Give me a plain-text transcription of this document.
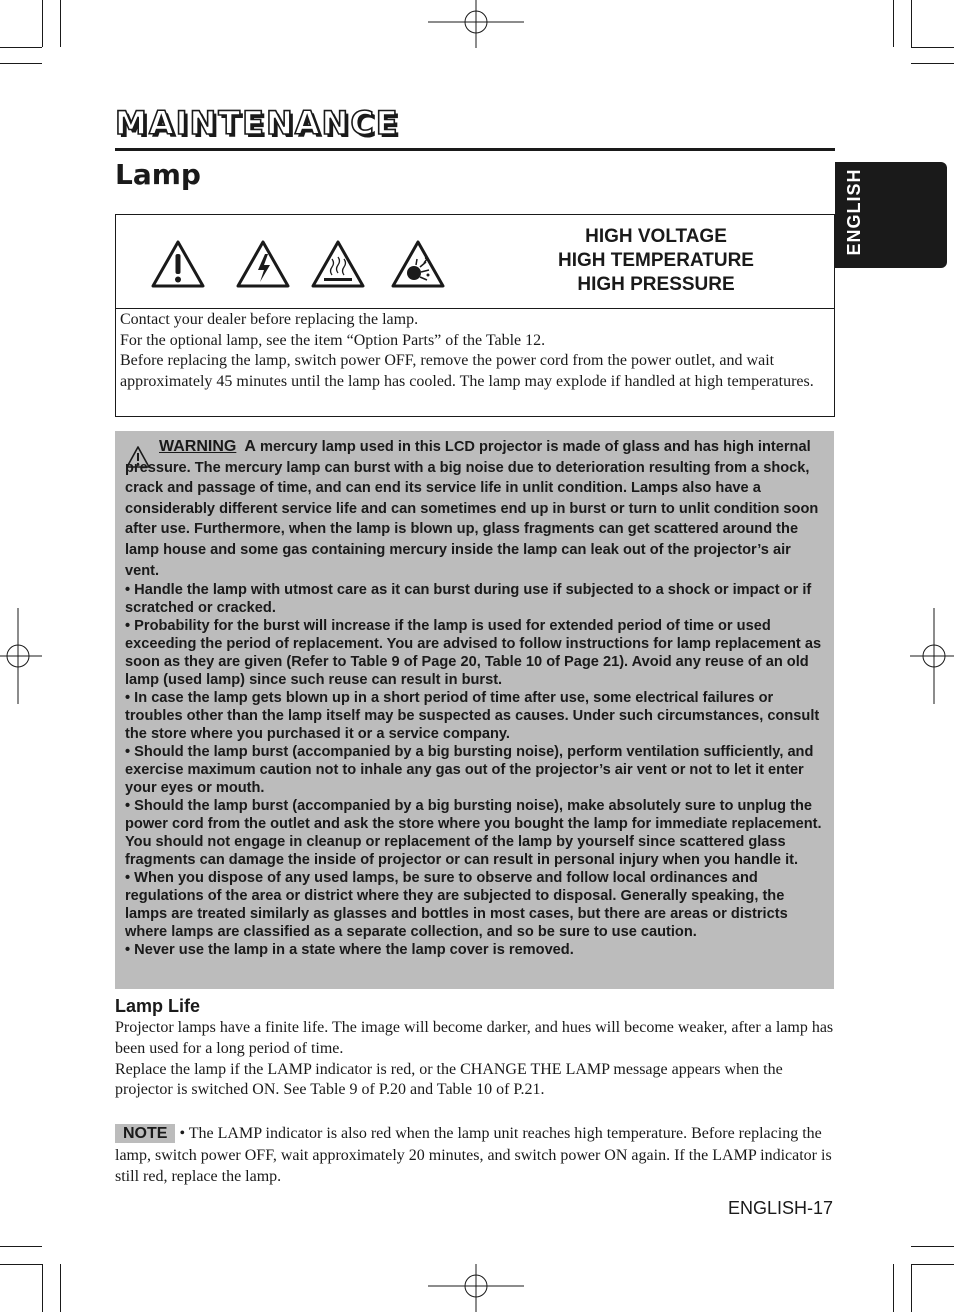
MAINTENANCE
Lamp	ENGLISH
HIGH VOLTAGE
HIGH TEMPERATURE
HIGH PRESSURE

Contact your dealer before replacing the lamp.

For the optional lamp, see the item “Option Parts” of the Table 12.

Before replacing the lamp, switch power OFF, remove the power cord from the power outlet, and wait approximately 45 minutes until the lamp has cooled. The lamp may explode if handled at high temperatures.

WARNING A mercury lamp used in this LCD projector is made of glass and has high internal pressure. The mercury lamp can burst with a big noise due to deterioration resulting from a shock, crack and passage of time, and can end its service life in unlit condition. Lamps also have a considerably different service life and can sometimes end up in burst or turn to unlit condition soon after use. Furthermore, when the lamp is blown up, glass fragments can get scattered around the lamp house and some gas containing mercury inside the lamp can leak out of the projector’s air vent.

• Handle the lamp with utmost care as it can burst during use if subjected to a shock or impact or if scratched or cracked.

• Probability for the burst will increase if the lamp is used for extended period of time or used exceeding the period of replacement. You are advised to follow instructions for lamp replacement as soon as they are given (Refer to Table 9 of Page 20, Table 10 of Page 21). Avoid any reuse of an old lamp (used lamp) since such reuse can result in burst.

• In case the lamp gets blown up in a short period of time after use, some electrical failures or troubles other than the lamp itself may be suspected as causes. Under such circumstances, consult the store where you purchased it or a service company.

• Should the lamp burst (accompanied by a big bursting noise), perform ventilation sufficiently, and exercise maximum caution not to inhale any gas out of the projector’s air vent or not to let it enter your eyes or mouth.

• Should the lamp burst (accompanied by a big bursting noise), make absolutely sure to unplug the power cord from the outlet and ask the store where you bought the lamp for immediate replacement. You should not engage in cleanup or replacement of the lamp by yourself since scattered glass fragments can damage the inside of projector or can result in personal injury when you handle it.

• When you dispose of any used lamps, be sure to observe and follow local ordinances and regulations of the area or district where they are subjected to disposal. Generally speaking, the lamps are treated similarly as glasses and bottles in most cases, but there are areas or districts where lamps are classified as a separate collection, and so be sure to use caution.

• Never use the lamp in a state where the lamp cover is removed.

Lamp Life

Projector lamps have a finite life. The image will become darker, and hues will become weaker, after a lamp has been used for a long period of time.

Replace the lamp if the LAMP indicator is red, or the CHANGE THE LAMP message appears when the projector is switched ON. See Table 9 of P.20 and Table 10 of P.21.

NOTE • The LAMP indicator is also red when the lamp unit reaches high temperature. Before replacing the lamp, switch power OFF, wait approximately 20 minutes, and switch power ON again. If the LAMP indicator is still red, replace the lamp.
ENGLISH-17
